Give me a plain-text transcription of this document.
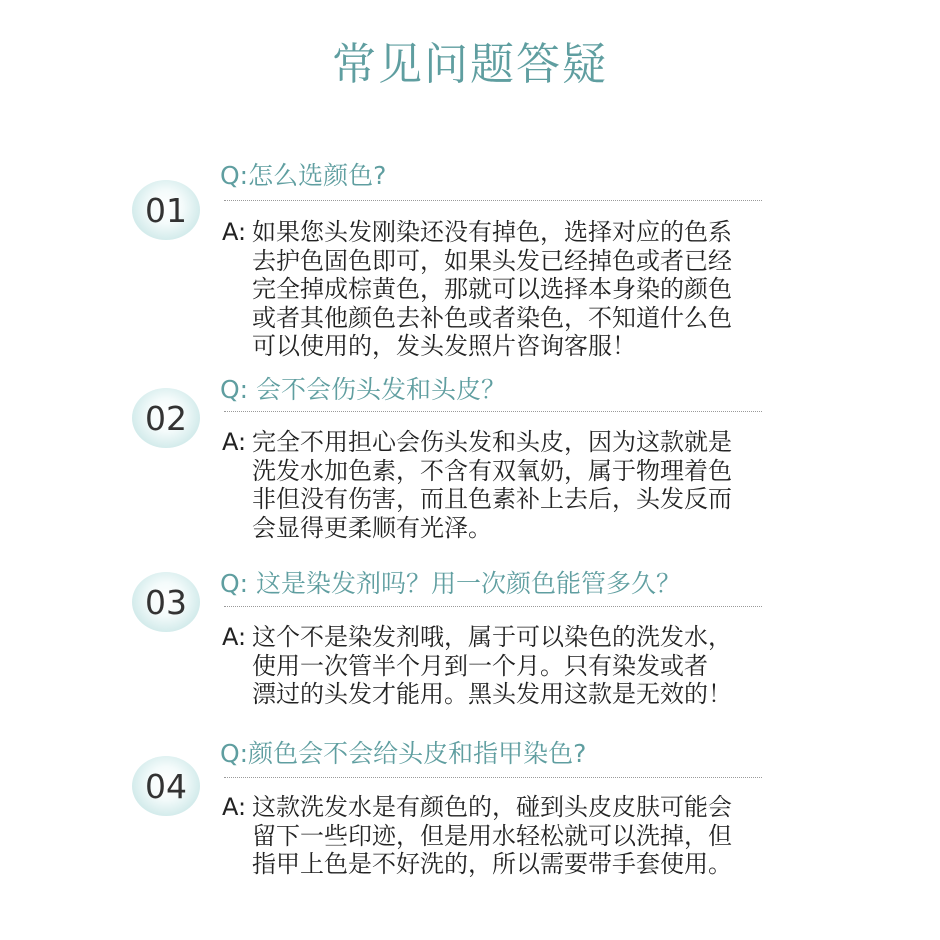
常见问题答疑
01
Q:怎么选颜色?
A: 如果您头发刚染还没有掉色，选择对应的色系
去护色固色即可，如果头发已经掉色或者已经
完全掉成棕黄色，那就可以选择本身染的颜色
或者其他颜色去补色或者染色，不知道什么色
可以使用的，发头发照片咨询客服！
02
Q: 会不会伤头发和头皮？
A: 完全不用担心会伤头发和头皮，因为这款就是
洗发水加色素，不含有双氧奶，属于物理着色
非但没有伤害，而且色素补上去后，头发反而
会显得更柔顺有光泽。
03	Q: 这是染发剂吗？用一次颜色能管多久？
A: 这个不是染发剂哦，属于可以染色的洗发水，
使用一次管半个月到一个月。只有染发或者
漂过的头发才能用。黑头发用这款是无效的！
04
Q:颜色会不会给头皮和指甲染色?
A: 这款洗发水是有颜色的，碰到头皮皮肤可能会
留下一些印迹，但是用水轻松就可以洗掉，但
指甲上色是不好洗的，所以需要带手套使用。
